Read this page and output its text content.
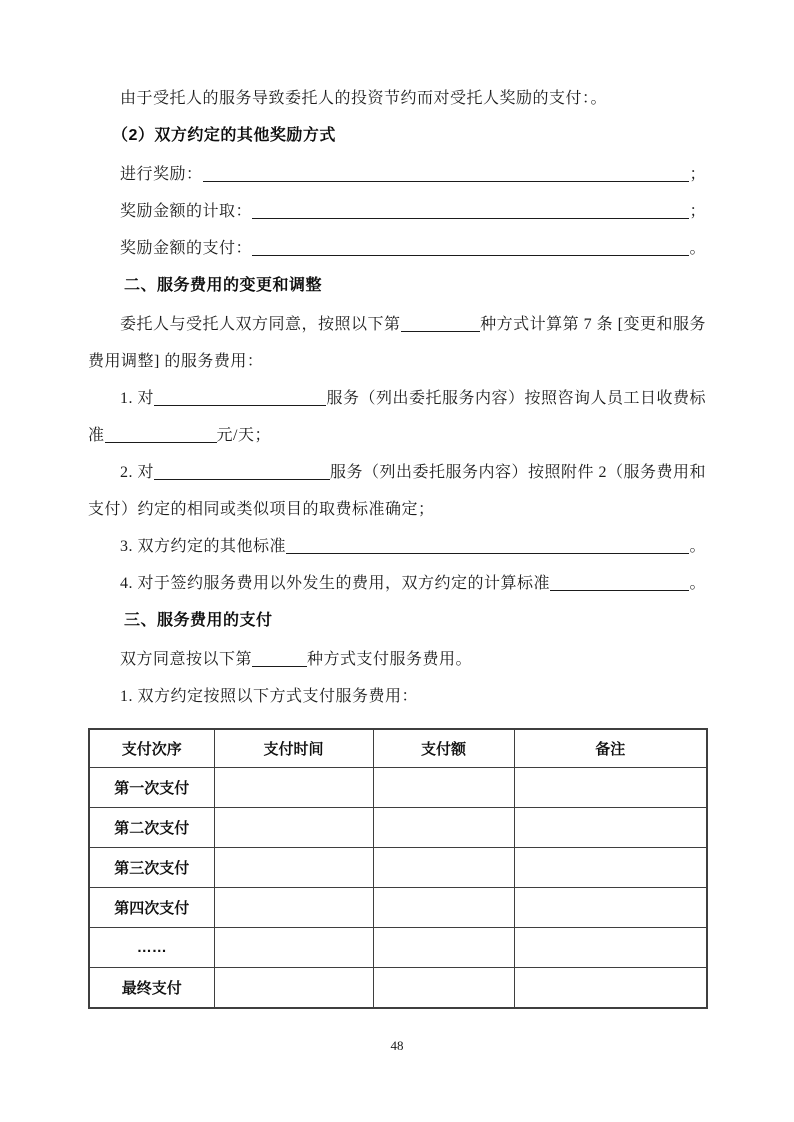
由于受托人的服务导致委托人的投资节约而对受托人奖励的支付：。
（2）双方约定的其他奖励方式
进行奖励：	；
奖励金额的计取：	；
奖励金额的支付：	。
二、服务费用的变更和调整
委托人与受托人双方同意，按照以下第	种方式计算第 7 条 [变更和服务
费用调整] 的服务费用：
1. 对	服务（列出委托服务内容）按照咨询人员工日收费标
准	元/天；
2. 对	服务（列出委托服务内容）按照附件 2（服务费用和
支付）约定的相同或类似项目的取费标准确定；
3. 双方约定的其他标准	。
4. 对于签约服务费用以外发生的费用，双方约定的计算标准	。
三、服务费用的支付
双方同意按以下第	种方式支付服务费用。
1. 双方约定按照以下方式支付服务费用：
支付次序	支付时间	支付额	备注
第一次支付			
第二次支付			
第三次支付			
第四次支付			
……			
最终支付			
48
